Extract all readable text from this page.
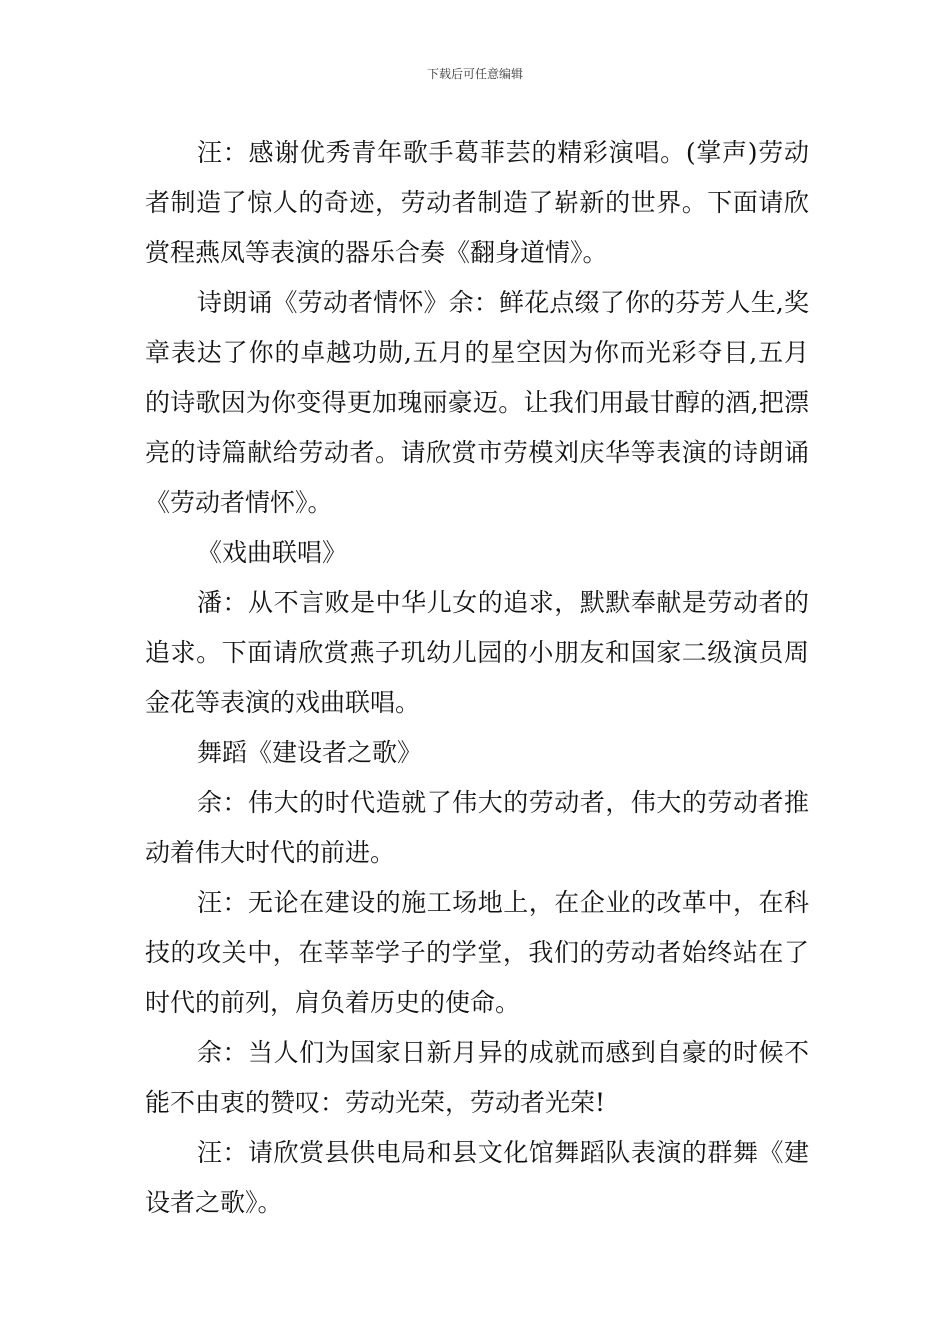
下载后可任意编辑

汪：感谢优秀青年歌手葛菲芸的精彩演唱。(掌声)劳动者制造了惊人的奇迹，劳动者制造了崭新的世界。下面请欣赏程燕凤等表演的器乐合奏《翻身道情》。

诗朗诵《劳动者情怀》余：鲜花点缀了你的芬芳人生,奖章表达了你的卓越功勋,五月的星空因为你而光彩夺目,五月的诗歌因为你变得更加瑰丽豪迈。让我们用最甘醇的酒,把漂亮的诗篇献给劳动者。请欣赏市劳模刘庆华等表演的诗朗诵《劳动者情怀》。

《戏曲联唱》

潘：从不言败是中华儿女的追求，默默奉献是劳动者的追求。下面请欣赏燕子玑幼儿园的小朋友和国家二级演员周金花等表演的戏曲联唱。

舞蹈《建设者之歌》

余：伟大的时代造就了伟大的劳动者，伟大的劳动者推动着伟大时代的前进。

汪：无论在建设的施工场地上，在企业的改革中，在科技的攻关中，在莘莘学子的学堂，我们的劳动者始终站在了时代的前列，肩负着历史的使命。

余：当人们为国家日新月异的成就而感到自豪的时候不能不由衷的赞叹：劳动光荣，劳动者光荣!

汪：请欣赏县供电局和县文化馆舞蹈队表演的群舞《建设者之歌》。
